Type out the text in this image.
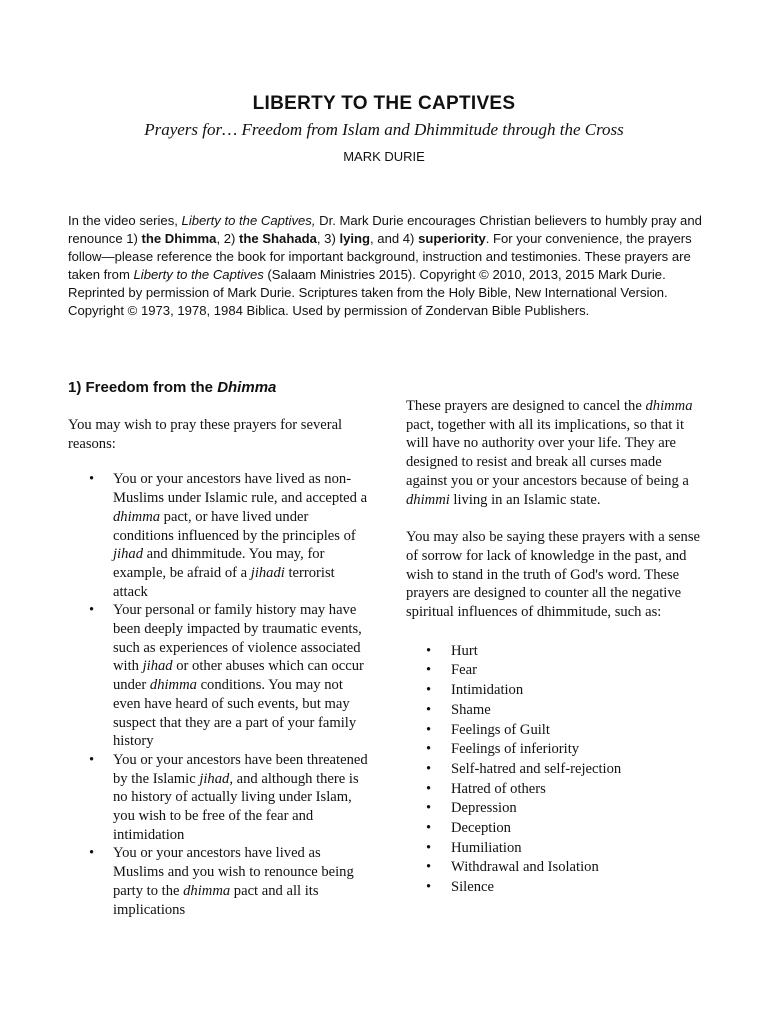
LIBERTY TO THE CAPTIVES

Prayers for… Freedom from Islam and Dhimmitude through the Cross

MARK DURIE

In the video series, Liberty to the Captives, Dr. Mark Durie encourages Christian believers to humbly pray and renounce 1) the Dhimma, 2) the Shahada, 3) lying, and 4) superiority. For your convenience, the prayers follow—please reference the book for important background, instruction and testimonies. These prayers are taken from Liberty to the Captives (Salaam Ministries 2015). Copyright © 2010, 2013, 2015 Mark Durie. Reprinted by permission of Mark Durie. Scriptures taken from the Holy Bible, New International Version. Copyright © 1973, 1978, 1984 Biblica. Used by permission of Zondervan Bible Publishers.

1) Freedom from the Dhimma

You may wish to pray these prayers for several reasons:

• You or your ancestors have lived as non-Muslims under Islamic rule, and accepted a dhimma pact, or have lived under conditions influenced by the principles of jihad and dhimmitude. You may, for example, be afraid of a jihadi terrorist attack
• Your personal or family history may have been deeply impacted by traumatic events, such as experiences of violence associated with jihad or other abuses which can occur under dhimma conditions. You may not even have heard of such events, but may suspect that they are a part of your family history
• You or your ancestors have been threatened by the Islamic jihad, and although there is no history of actually living under Islam, you wish to be free of the fear and intimidation
• You or your ancestors have lived as Muslims and you wish to renounce being party to the dhimma pact and all its implications

These prayers are designed to cancel the dhimma pact, together with all its implications, so that it will have no authority over your life. They are designed to resist and break all curses made against you or your ancestors because of being a dhimmi living in an Islamic state.

You may also be saying these prayers with a sense of sorrow for lack of knowledge in the past, and wish to stand in the truth of God's word. These prayers are designed to counter all the negative spiritual influences of dhimmitude, such as:

• Hurt
• Fear
• Intimidation
• Shame
• Feelings of Guilt
• Feelings of inferiority
• Self-hatred and self-rejection
• Hatred of others
• Depression
• Deception
• Humiliation
• Withdrawal and Isolation
• Silence
